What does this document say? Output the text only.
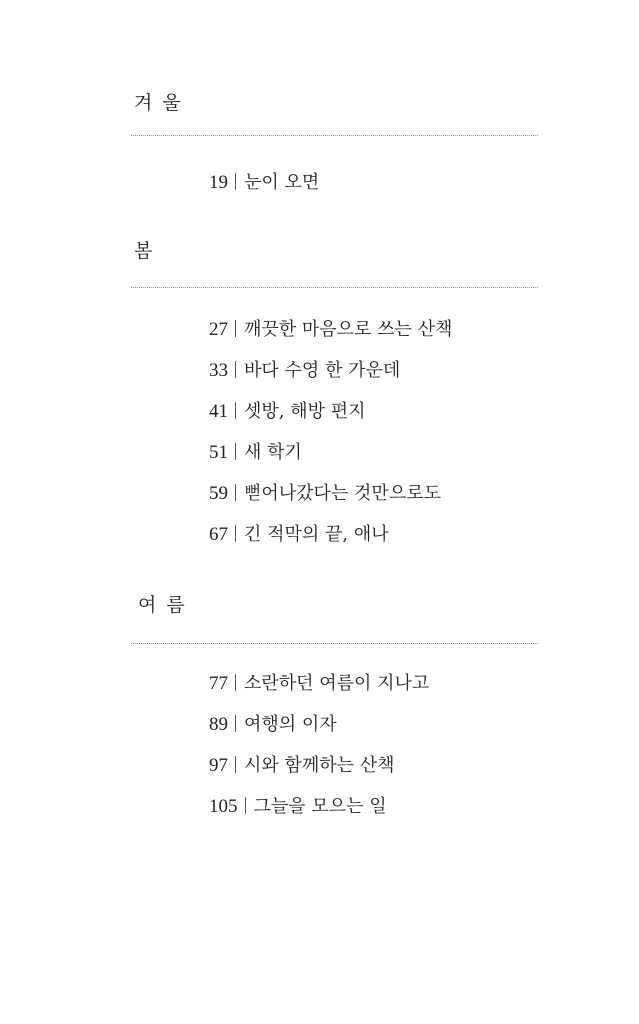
겨 울
19 눈이 오면
봄
27 깨끗한 마음으로 쓰는 산책
33 바다 수영 한 가운데
41 셋방, 해방 편지
51 새 학기
59 뻗어나갔다는 것만으로도
67 긴 적막의 끝, 애나
여 름
77 소란하던 여름이 지나고
89 여행의 이자
97 시와 함께하는 산책
105 그늘을 모으는 일
